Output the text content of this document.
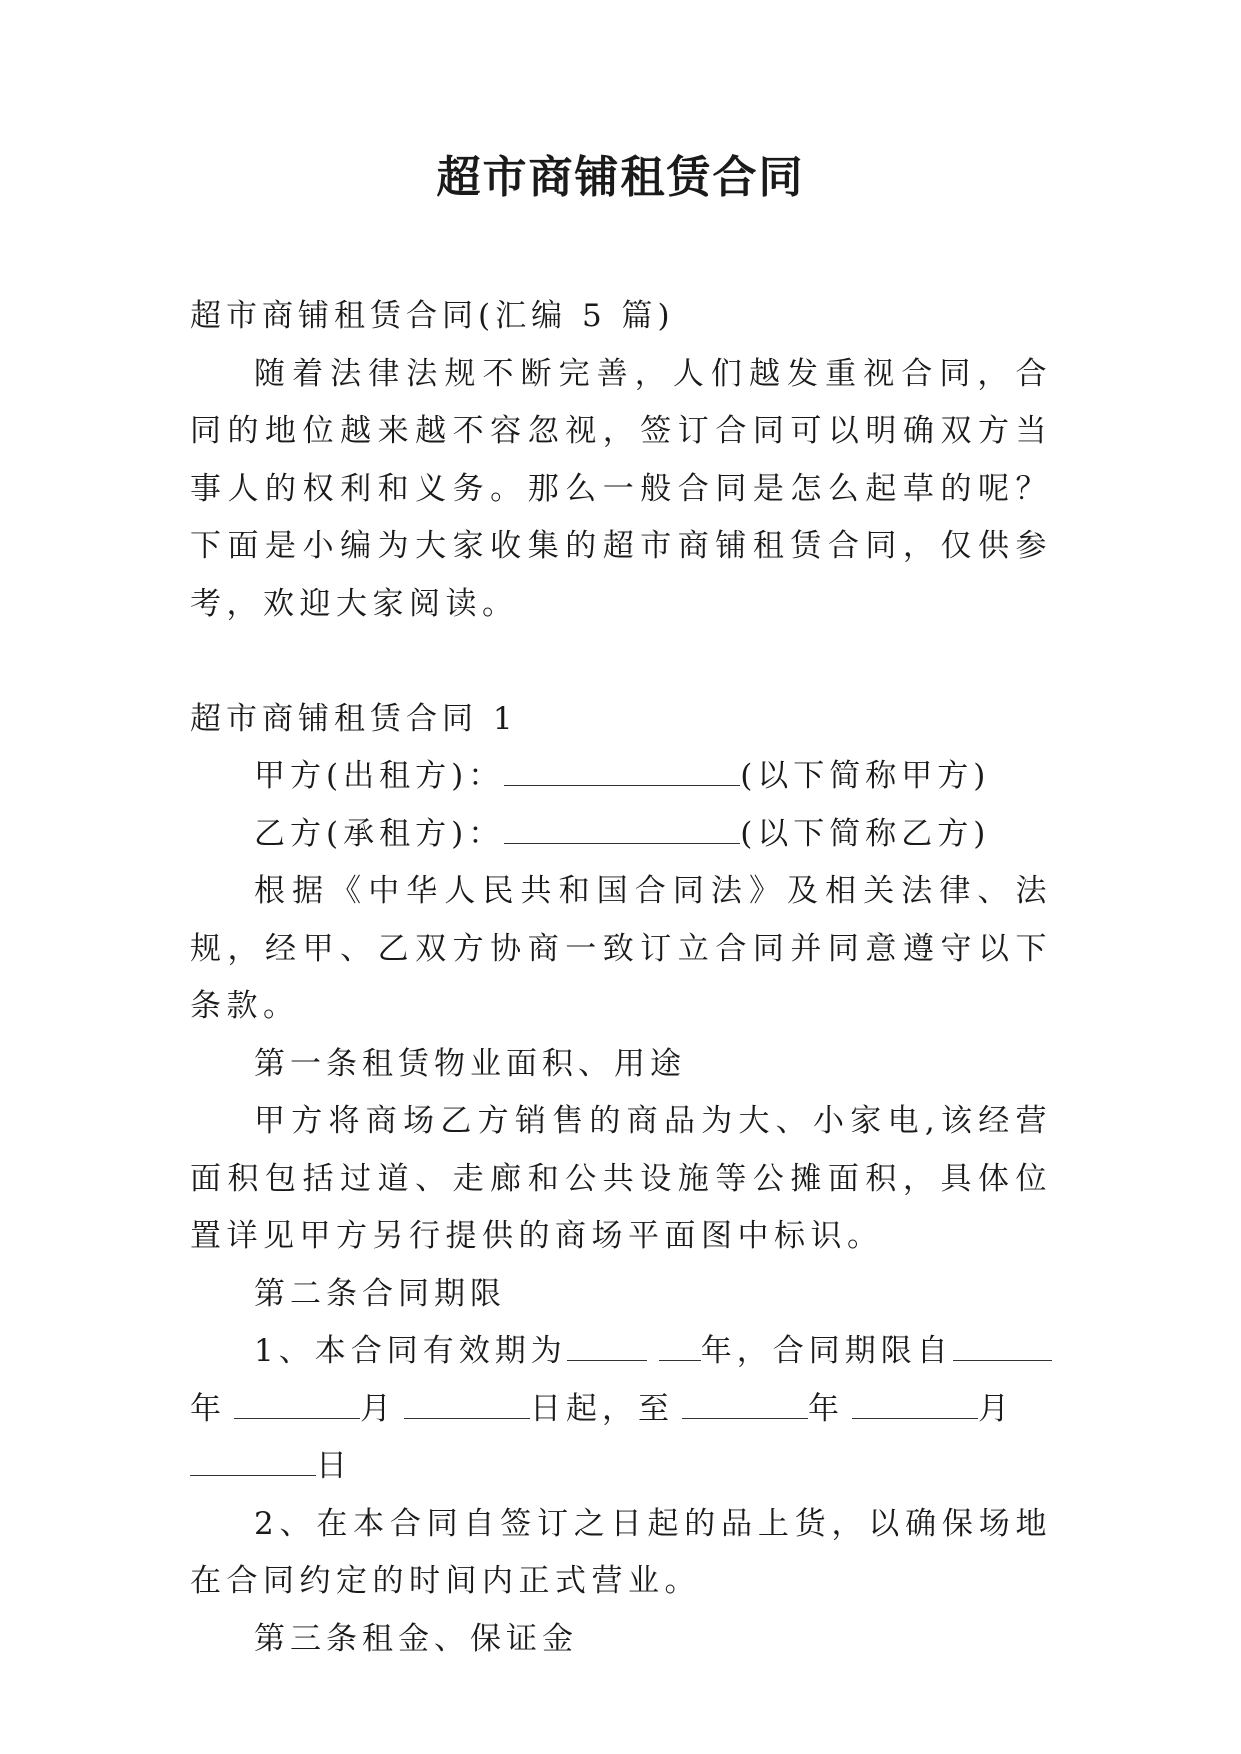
超市商铺租赁合同
超市商铺租赁合同(汇编 5 篇)

随着法律法规不断完善，人们越发重视合同，合同的地位越来越不容忽视，签订合同可以明确双方当事人的权利和义务。那么一般合同是怎么起草的呢？下面是小编为大家收集的超市商铺租赁合同，仅供参考，欢迎大家阅读。

超市商铺租赁合同 1
甲方(出租方)：	(以下简称甲方)
乙方(承租方)：	(以下简称乙方)

根据《中华人民共和国合同法》及相关法律、法规，经甲、乙双方协商一致订立合同并同意遵守以下条款。

第一条租赁物业面积、用途

甲方将商场乙方销售的商品为大、小家电,该经营面积包括过道、走廊和公共设施等公摊面积，具体位置详见甲方另行提供的商场平面图中标识。

第二条合同期限
1、本合同有效期为	年，合同期限自
年	月	日起，至	年	月
日

2、在本合同自签订之日起的品上货，以确保场地在合同约定的时间内正式营业。

第三条租金、保证金
